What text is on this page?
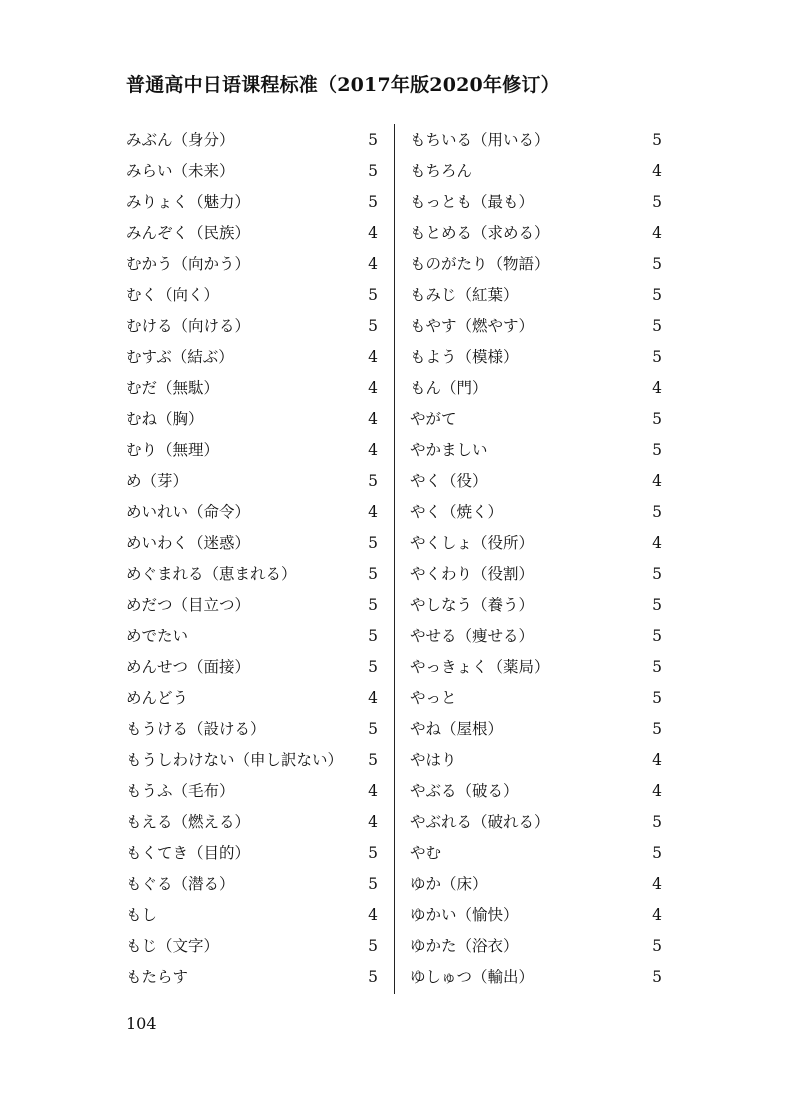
普通高中日语课程标准（2017年版2020年修订）
みぶん（身分）	5
みらい（未来）	5
みりょく（魅力）	5
みんぞく（民族）	4
むかう（向かう）	4
むく（向く）	5
むける（向ける）	5
むすぶ（結ぶ）	4
むだ（無駄）	4
むね（胸）	4
むり（無理）	4
め（芽）	5
めいれい（命令）	4
めいわく（迷惑）	5
めぐまれる（恵まれる）	5
めだつ（目立つ）	5
めでたい	5
めんせつ（面接）	5
めんどう	4
もうける（設ける）	5
もうしわけない（申し訳ない） 5
もうふ（毛布）	4
もえる（燃える）	4
もくてき（目的）	5
もぐる（潜る）	5
もし	4
もじ（文字）	5
もたらす	5
もちいる（用いる）	5
もちろん	4
もっとも（最も）	5
もとめる（求める）	4
ものがたり（物語）	5
もみじ（紅葉）	5
もやす（燃やす）	5
もよう（模様）	5
もん（門）	4
やがて	5
やかましい	5
やく（役）	4
やく（焼く）	5
やくしょ（役所）	4
やくわり（役割）	5
やしなう（養う）	5
やせる（痩せる）	5
やっきょく（薬局）	5
やっと	5
やね（屋根）	5
やはり	4
やぶる（破る）	4
やぶれる（破れる）	5
やむ	5
ゆか（床）	4
ゆかい（愉快）	4
ゆかた（浴衣）	5
ゆしゅつ（輸出）	5
104
